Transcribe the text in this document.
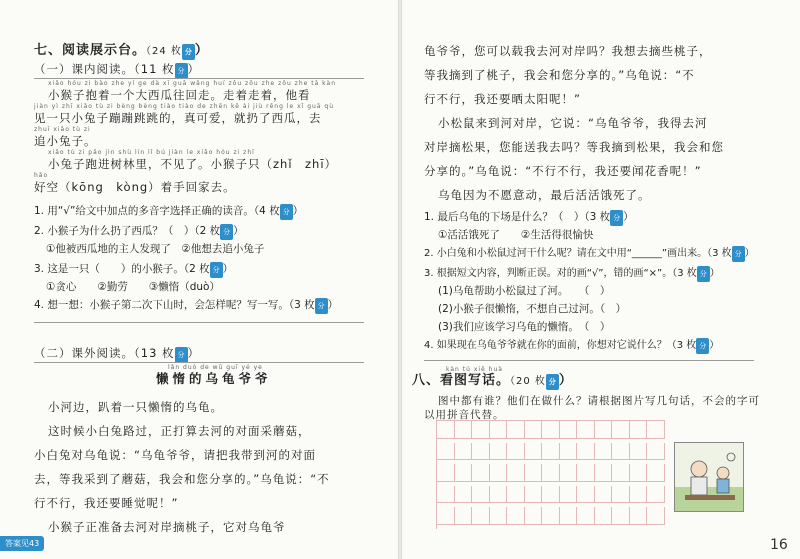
七、阅读展示台。（24 枚 分 ）
（一）课内阅读。（11 枚 分 ）
xiǎo hóu zi bào zhe yí ge dà xī guā wǎng huí zǒu zǒu zhe zǒu zhe tā kàn
小猴子抱着一个大西瓜往回走。走着走着，他看
jiàn yì zhī xiǎo tù zi bèng bèng tiào tiào de zhēn kě ài jiù rēng le xī guā qù
见一只小兔子蹦蹦跳跳的，真可爱，就扔了西瓜，去
zhuī xiǎo tù zi
追小兔子。
xiǎo tù zi pǎo jìn shù lín lǐ bú jiàn le xiǎo hóu zi zhǐ
小兔子跑进树林里，不见了。小猴子只（zhǐ　zhī）
hǎo
好空（kōng　kòng）着手回家去。
1. 用“√”给文中加点的多音字选择正确的读音。（4 枚 分 ）
2. 小猴子为什么扔了西瓜？（　）（2 枚 分 ）
①他被西瓜地的主人发现了　②他想去追小兔子
3. 这是一只（　　）的小猴子。（2 枚 分 ）
①贪心　　②勤劳　　③懒惰（duò）
4. 想一想：小猴子第二次下山时，会怎样呢？写一写。（3 枚 分 ）
（二）课外阅读。（13 枚 分 ）
lǎn duò de wū guī yé ye
懒惰的乌龟爷爷
小河边，趴着一只懒惰的乌龟。
这时候小白兔路过，正打算去河的对面采蘑菇，
小白兔对乌龟说：“乌龟爷爷，请把我带到河的对面
去，等我采到了蘑菇，我会和您分享的。”乌龟说：“不
行不行，我还要睡觉呢！”
小猴子正准备去河对岸摘桃子，它对乌龟爷
答案见43
龟爷爷，您可以载我去河对岸吗？我想去摘些桃子，
等我摘到了桃子，我会和您分享的。”乌龟说：“不
行不行，我还要晒太阳呢！”
小松鼠来到河对岸，它说：“乌龟爷爷，我得去河
对岸摘松果，您能送我去吗？等我摘到松果，我会和您
分享的。”乌龟说：“不行不行，我还要闻花香呢！”
乌龟因为不愿意动，最后活活饿死了。
1. 最后乌龟的下场是什么？（　）（3 枚 分 ）
①活活饿死了　　②生活得很愉快
2. 小白兔和小松鼠过河干什么呢？请在文中用“______”画出来。（3 枚 分 ）
3. 根据短文内容，判断正误。对的画“√”，错的画“×”。（3 枚 分 ）
(1)乌龟帮助小松鼠过了河。　　（　）
(2)小猴子很懒惰，不想自己过河。（　）
(3)我们应该学习乌龟的懒惰。　（　）
4. 如果现在乌龟爷爷就在你的面前，你想对它说什么？（3 枚 分 ）
kàn tú xiě huà
八、看图写话。（20 枚 分 ）
图中都有谁？他们在做什么？请根据图片写几句话，不会的字可
以用拼音代替。
16
